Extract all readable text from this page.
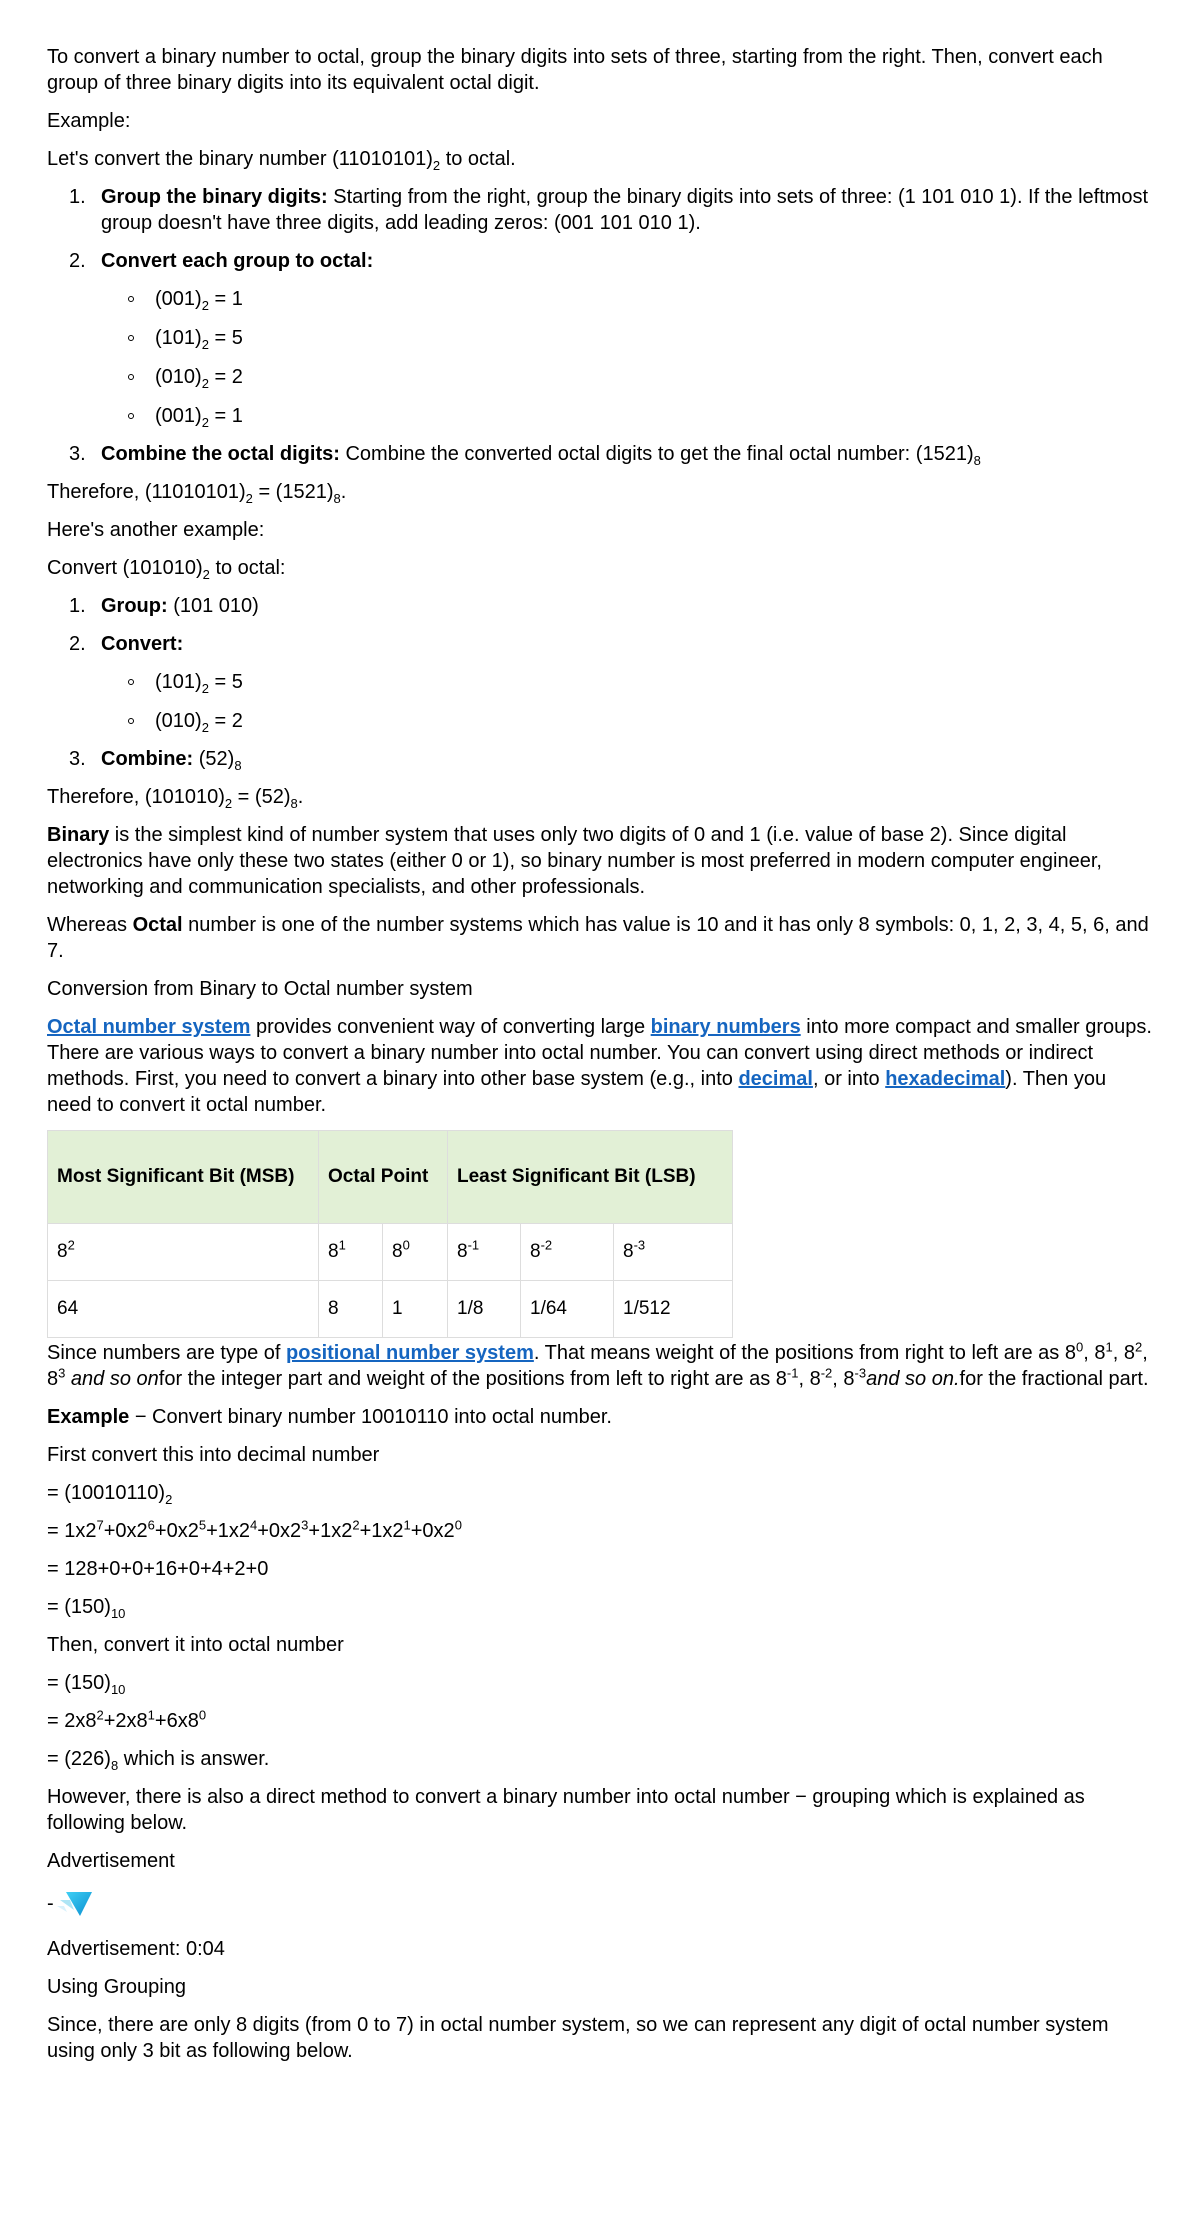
To convert a binary number to octal, group the binary digits into sets of three, starting from the right. Then, convert each group of three binary digits into its equivalent octal digit.

Example:

Let's convert the binary number $(11010101)_2$ to octal.

1. Group the binary digits: Starting from the right, group the binary digits into sets of three: (1 101 010 1). If the leftmost group doesn't have three digits, add leading zeros: (001 101 010 1).
2. Convert each group to octal:
$(001)_2 = 1$
$(101)_2 = 5$
$(010)_2 = 2$
$(001)_2 = 1$
3. Combine the octal digits: Combine the converted octal digits to get the final octal number: $(1521)_8$

Therefore, $(11010101)_2 = (1521)_8$.

Here's another example:

Convert $(101010)_2$ to octal:

1. Group: (101 010)
2. Convert:
$(101)_2 = 5$
$(010)_2 = 2$
3. Combine: $(52)_8$

Therefore, $(101010)_2 = (52)_8$.

Binary is the simplest kind of number system that uses only two digits of 0 and 1 (i.e. value of base 2). Since digital electronics have only these two states (either 0 or 1), so binary number is most preferred in modern computer engineer, networking and communication specialists, and other professionals.

Whereas Octal number is one of the number systems which has value is 10 and it has only 8 symbols: 0, 1, 2, 3, 4, 5, 6, and 7.

Conversion from Binary to Octal number system

Octal number system provides convenient way of converting large binary numbers into more compact and smaller groups. There are various ways to convert a binary number into octal number. You can convert using direct methods or indirect methods. First, you need to convert a binary into other base system (e.g., into decimal, or into hexadecimal). Then you need to convert it octal number.

Most Significant Bit (MSB)	Octal Point		Least Significant Bit (LSB)		
$8^2$	$8^1$	$8^0$	$8^{-1}$	$8^{-2}$	$8^{-3}$
64	8	1	1/8	1/64	1/512

Since numbers are type of positional number system. That means weight of the positions from right to left are as $8^0$, $8^1$, $8^2$, $8^3$ and so onfor the integer part and weight of the positions from left to right are as $8^{-1}$, $8^{-2}$, $8^{-3}and$ so on.for the fractional part.

Example − Convert binary number 10010110 into octal number.

First convert this into decimal number

= $(10010110)_2$

= $1x2^7+0x2^6+0x2^5+1x2^4+0x2^3+1x2^2+1x2^1+0x2^0$

= 128+0+0+16+0+4+2+0

= $(150)_{10}$

Then, convert it into octal number

= $(150)_{10}$

= $2x8^2+2x8^1+6x8^0$

= $(226)_8$ which is answer.

However, there is also a direct method to convert a binary number into octal number − grouping which is explained as following below.

Advertisement

-

Advertisement: 0:04

Using Grouping

Since, there are only 8 digits (from 0 to 7) in octal number system, so we can represent any digit of octal number system using only 3 bit as following below.
